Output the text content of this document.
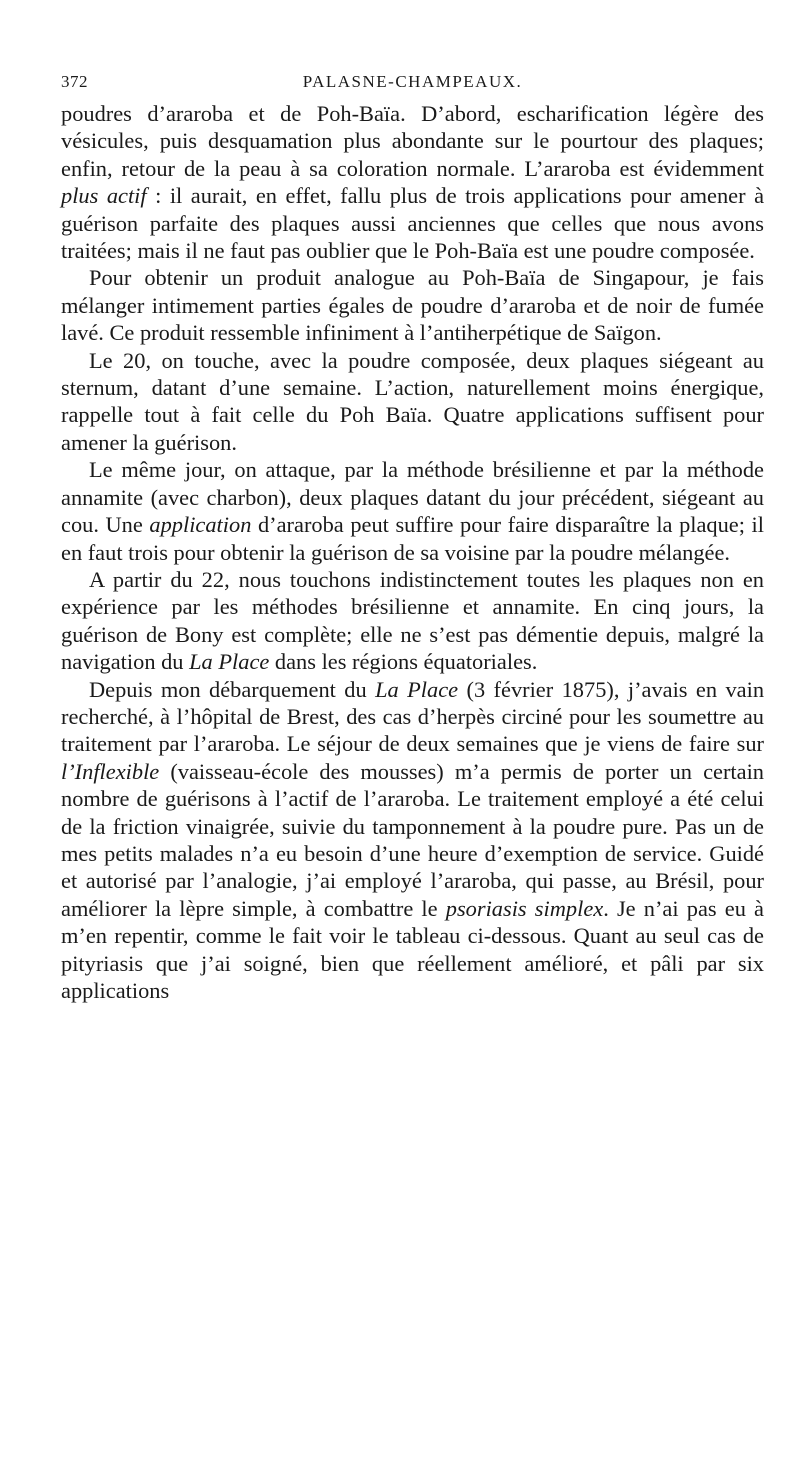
372	PALASNE-CHAMPEAUX.

poudres d’araroba et de Poh-Baïa. D’abord, escharification légère des vésicules, puis desquamation plus abondante sur le pourtour des plaques; enfin, retour de la peau à sa coloration normale. L’araroba est évidemment plus actif : il aurait, en effet, fallu plus de trois applications pour amener à guérison parfaite des plaques aussi anciennes que celles que nous avons traitées; mais il ne faut pas oublier que le Poh-Baïa est une poudre composée.

Pour obtenir un produit analogue au Poh-Baïa de Singapour, je fais mélanger intimement parties égales de poudre d’araroba et de noir de fumée lavé. Ce produit ressemble infiniment à l’antiherpétique de Saïgon.

Le 20, on touche, avec la poudre composée, deux plaques siégeant au sternum, datant d’une semaine. L’action, naturellement moins énergique, rappelle tout à fait celle du Poh Baïa. Quatre applications suffisent pour amener la guérison.

Le même jour, on attaque, par la méthode brésilienne et par la méthode annamite (avec charbon), deux plaques datant du jour précédent, siégeant au cou. Une application d’araroba peut suffire pour faire disparaître la plaque; il en faut trois pour obtenir la guérison de sa voisine par la poudre mélangée.

A partir du 22, nous touchons indistinctement toutes les plaques non en expérience par les méthodes brésilienne et annamite. En cinq jours, la guérison de Bony est complète; elle ne s’est pas démentie depuis, malgré la navigation du La Place dans les régions équatoriales.

Depuis mon débarquement du La Place (3 février 1875), j’avais en vain recherché, à l’hôpital de Brest, des cas d’herpès circiné pour les soumettre au traitement par l’araroba. Le séjour de deux semaines que je viens de faire sur l’Inflexible (vaisseau-école des mousses) m’a permis de porter un certain nombre de guérisons à l’actif de l’araroba. Le traitement employé a été celui de la friction vinaigrée, suivie du tamponnement à la poudre pure. Pas un de mes petits malades n’a eu besoin d’une heure d’exemption de service. Guidé et autorisé par l’analogie, j’ai employé l’araroba, qui passe, au Brésil, pour améliorer la lèpre simple, à combattre le psoriasis simplex. Je n’ai pas eu à m’en repentir, comme le fait voir le tableau ci-dessous. Quant au seul cas de pityriasis que j’ai soigné, bien que réellement amélioré, et pâli par six applications
